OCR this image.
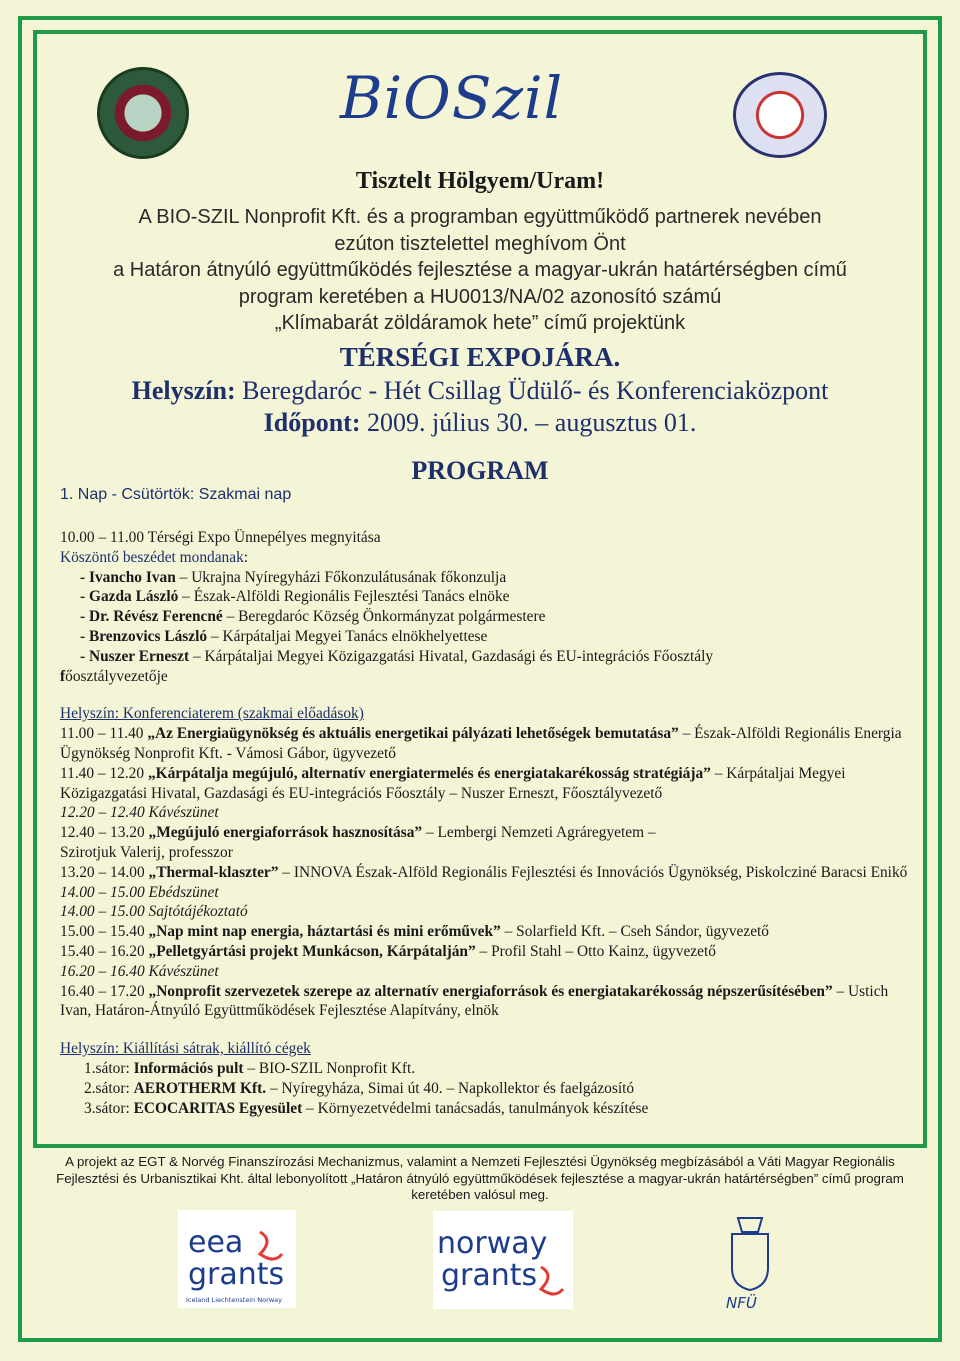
BiOSzil
Tisztelt Hölgyem/Uram!
A BIO-SZIL Nonprofit Kft. és a programban együttműködő partnerek nevében
ezúton tisztelettel meghívom Önt
a Határon átnyúló együttműködés fejlesztése a magyar-ukrán határtérségben című
program keretében a HU0013/NA/02 azonosító számú
„Klímabarát zöldáramok hete” című projektünk
TÉRSÉGI EXPOJÁRA.
Helyszín: Beregdaróc - Hét Csillag Üdülő- és Konferenciaközpont
Időpont: 2009. július 30. – augusztus 01.
PROGRAM
1. Nap - Csütörtök: Szakmai nap
10.00 – 11.00 Térségi Expo Ünnepélyes megnyitása
Köszöntő beszédet mondanak:
- Ivancho Ivan – Ukrajna Nyíregyházi Főkonzulátusának főkonzulja
- Gazda László – Észak-Alföldi Regionális Fejlesztési Tanács elnöke
- Dr. Révész Ferencné – Beregdaróc Község Önkormányzat polgármestere
- Brenzovics László – Kárpátaljai Megyei Tanács elnökhelyettese
- Nuszer Erneszt – Kárpátaljai Megyei Közigazgatási Hivatal, Gazdasági és EU-integrációs Főosztály
főosztályvezetője
Helyszín: Konferenciaterem (szakmai előadások)
11.00 – 11.40 „Az Energiaügynökség és aktuális energetikai pályázati lehetőségek bemutatása” – Észak-Alföldi Regionális Energia Ügynökség Nonprofit Kft. - Vámosi Gábor, ügyvezető
11.40 – 12.20 „Kárpátalja megújuló, alternatív energiatermelés és energiatakarékosság stratégiája” – Kárpátaljai Megyei Közigazgatási Hivatal, Gazdasági és EU-integrációs Főosztály – Nuszer Erneszt, Főosztályvezető
12.20 – 12.40 Kávészünet
12.40 – 13.20 „Megújuló energiaforrások hasznosítása” – Lembergi Nemzeti Agráregyetem –
Szirotjuk Valerij, professzor
13.20 – 14.00 „Thermal-klaszter” – INNOVA Észak-Alföld Regionális Fejlesztési és Innovációs Ügynökség, Piskolcziné Baracsi Enikő
14.00 – 15.00 Ebédszünet
14.00 – 15.00 Sajtótájékoztató
15.00 – 15.40 „Nap mint nap energia, háztartási és mini erőművek” – Solarfield Kft. – Cseh Sándor, ügyvezető
15.40 – 16.20 „Pelletgyártási projekt Munkácson, Kárpátalján” – Profil Stahl – Otto Kainz, ügyvezető
16.20 – 16.40 Kávészünet
16.40 – 17.20 „Nonprofit szervezetek szerepe az alternatív energiaforrások és energiatakarékosság népszerűsítésében” – Ustich Ivan, Határon-Átnyúló Együttműködések Fejlesztése Alapítvány, elnök
Helyszín: Kiállítási sátrak, kiállító cégek
1.sátor: Információs pult – BIO-SZIL Nonprofit Kft.
2.sátor: AEROTHERM Kft. – Nyíregyháza, Simai út 40. – Napkollektor és faelgázosító
3.sátor: ECOCARITAS Egyesület – Környezetvédelmi tanácsadás, tanulmányok készítése
A projekt az EGT & Norvég Finanszírozási Mechanizmus, valamint a Nemzeti Fejlesztési Ügynökség megbízásából a Váti Magyar Regionális Fejlesztési és Urbanisztikai Kht. által lebonyolított „Határon átnyúló együttműködések fejlesztése a magyar-ukrán határtérségben” című program keretében valósul meg.
eea
grants
Iceland Liechtenstein Norway
norway
grants
NFÜ
